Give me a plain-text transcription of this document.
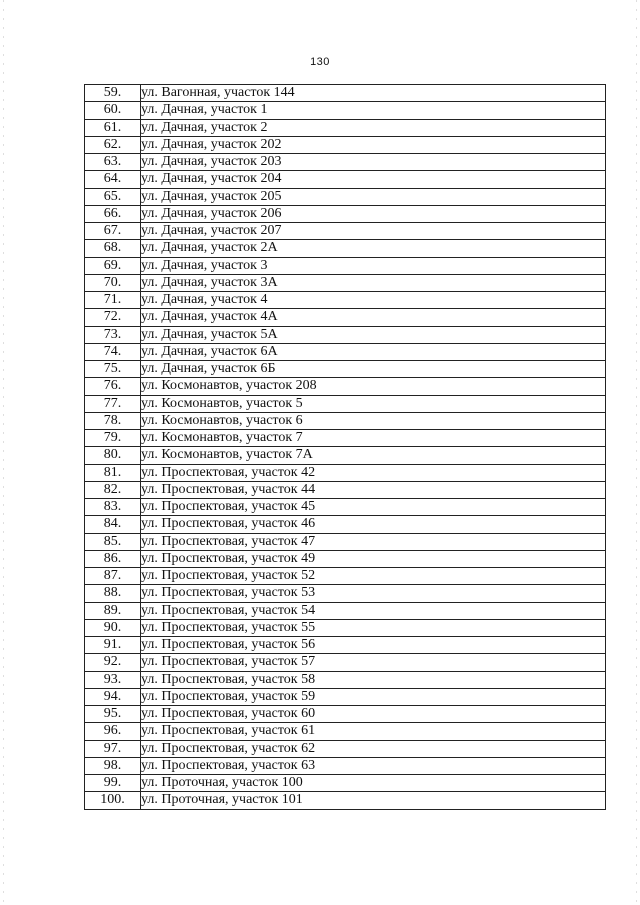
130
59.	ул. Вагонная, участок 144
60.	ул. Дачная, участок 1
61.	ул. Дачная, участок 2
62.	ул. Дачная, участок 202
63.	ул. Дачная, участок 203
64.	ул. Дачная, участок 204
65.	ул. Дачная, участок 205
66.	ул. Дачная, участок 206
67.	ул. Дачная, участок 207
68.	ул. Дачная, участок 2А
69.	ул. Дачная, участок 3
70.	ул. Дачная, участок 3А
71.	ул. Дачная, участок 4
72.	ул. Дачная, участок 4А
73.	ул. Дачная, участок 5А
74.	ул. Дачная, участок 6А
75.	ул. Дачная, участок 6Б
76.	ул. Космонавтов, участок 208
77.	ул. Космонавтов, участок 5
78.	ул. Космонавтов, участок 6
79.	ул. Космонавтов, участок 7
80.	ул. Космонавтов, участок 7А
81.	ул. Проспектовая, участок 42
82.	ул. Проспектовая, участок 44
83.	ул. Проспектовая, участок 45
84.	ул. Проспектовая, участок 46
85.	ул. Проспектовая, участок 47
86.	ул. Проспектовая, участок 49
87.	ул. Проспектовая, участок 52
88.	ул. Проспектовая, участок 53
89.	ул. Проспектовая, участок 54
90.	ул. Проспектовая, участок 55
91.	ул. Проспектовая, участок 56
92.	ул. Проспектовая, участок 57
93.	ул. Проспектовая, участок 58
94.	ул. Проспектовая, участок 59
95.	ул. Проспектовая, участок 60
96.	ул. Проспектовая, участок 61
97.	ул. Проспектовая, участок 62
98.	ул. Проспектовая, участок 63
99.	ул. Проточная, участок 100
100.	ул. Проточная, участок 101
